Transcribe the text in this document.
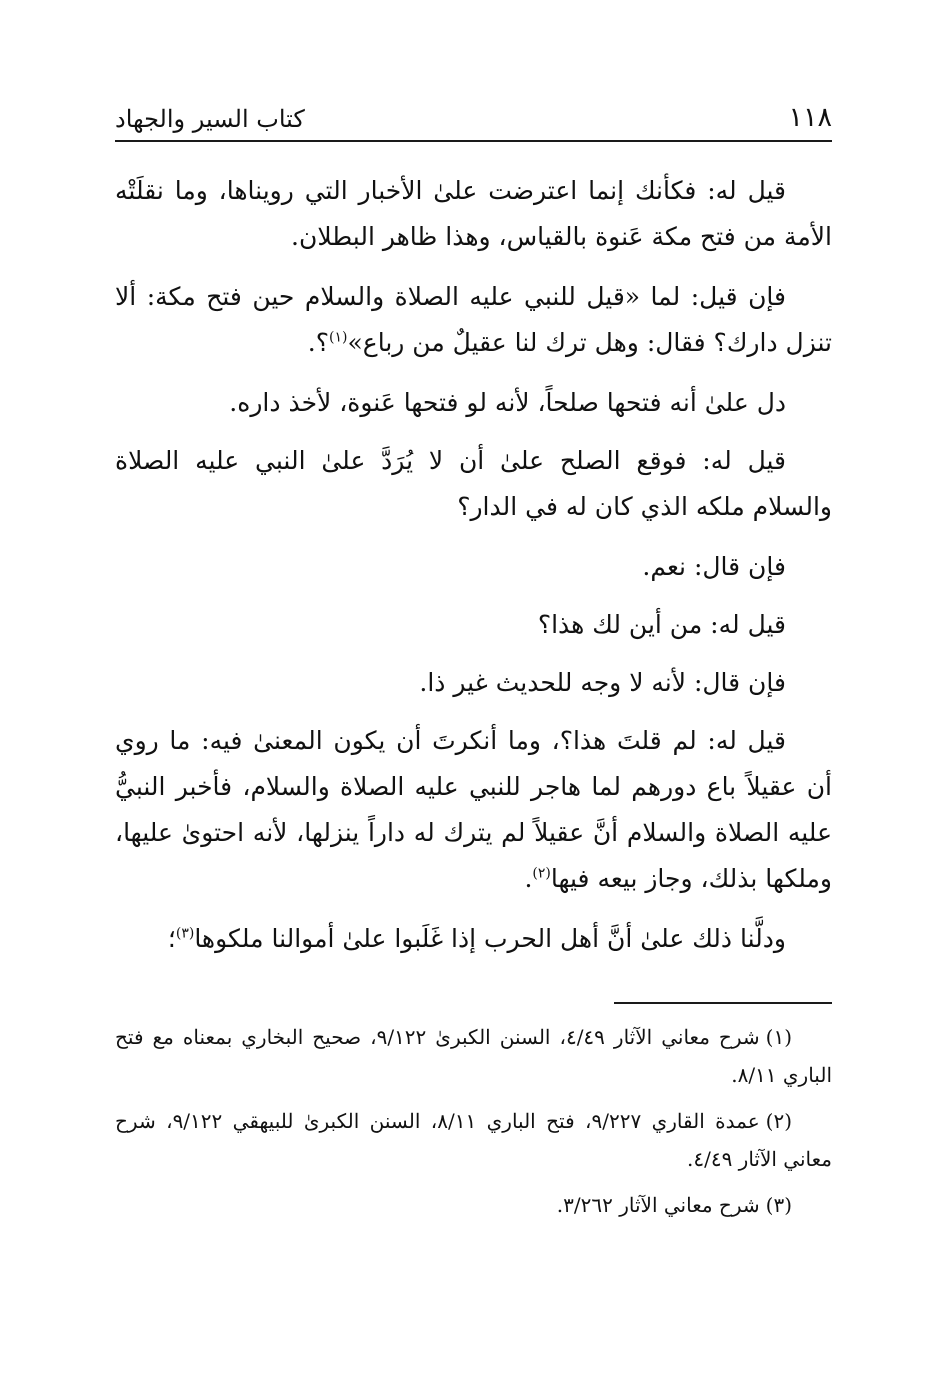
١١٨
كتاب السير والجهاد

قيل له: فكأنك إنما اعترضت علىٰ الأخبار التي رويناها، وما نقلَتْه الأمة من فتح مكة عَنوة بالقياس، وهذا ظاهر البطلان.

فإن قيل: لما «قيل للنبي عليه الصلاة والسلام حين فتح مكة: ألا تنزل دارك؟ فقال: وهل ترك لنا عقيلٌ من رباع»$^{(١)}$؟.

دل علىٰ أنه فتحها صلحاً، لأنه لو فتحها عَنوة، لأخذ داره.

قيل له: فوقع الصلح علىٰ أن لا يُرَدَّ علىٰ النبي عليه الصلاة والسلام ملكه الذي كان له في الدار؟

فإن قال: نعم.

قيل له: من أين لك هذا؟

فإن قال: لأنه لا وجه للحديث غير ذا.

قيل له: لم قلتَ هذا؟، وما أنكرتَ أن يكون المعنىٰ فيه: ما روي أن عقيلاً باع دورهم لما هاجر للنبي عليه الصلاة والسلام، فأخبر النبيُّ عليه الصلاة والسلام أنَّ عقيلاً لم يترك له داراً ينزلها، لأنه احتوىٰ عليها، وملكها بذلك، وجاز بيعه فيها$^{(٢)}$.

ودلَّنا ذلك علىٰ أنَّ أهل الحرب إذا غَلَبوا علىٰ أموالنا ملكوها$^{(٣)}$؛

(١)شرح معاني الآثار ٤/٤٩، السنن الكبرىٰ ٩/١٢٢، صحيح البخاري بمعناه مع فتح الباري ٨/١١.

(٢)عمدة القاري ٩/٢٢٧، فتح الباري ٨/١١، السنن الكبرىٰ للبيهقي ٩/١٢٢، شرح معاني الآثار ٤/٤٩.

(٣)شرح معاني الآثار ٣/٢٦٢.
